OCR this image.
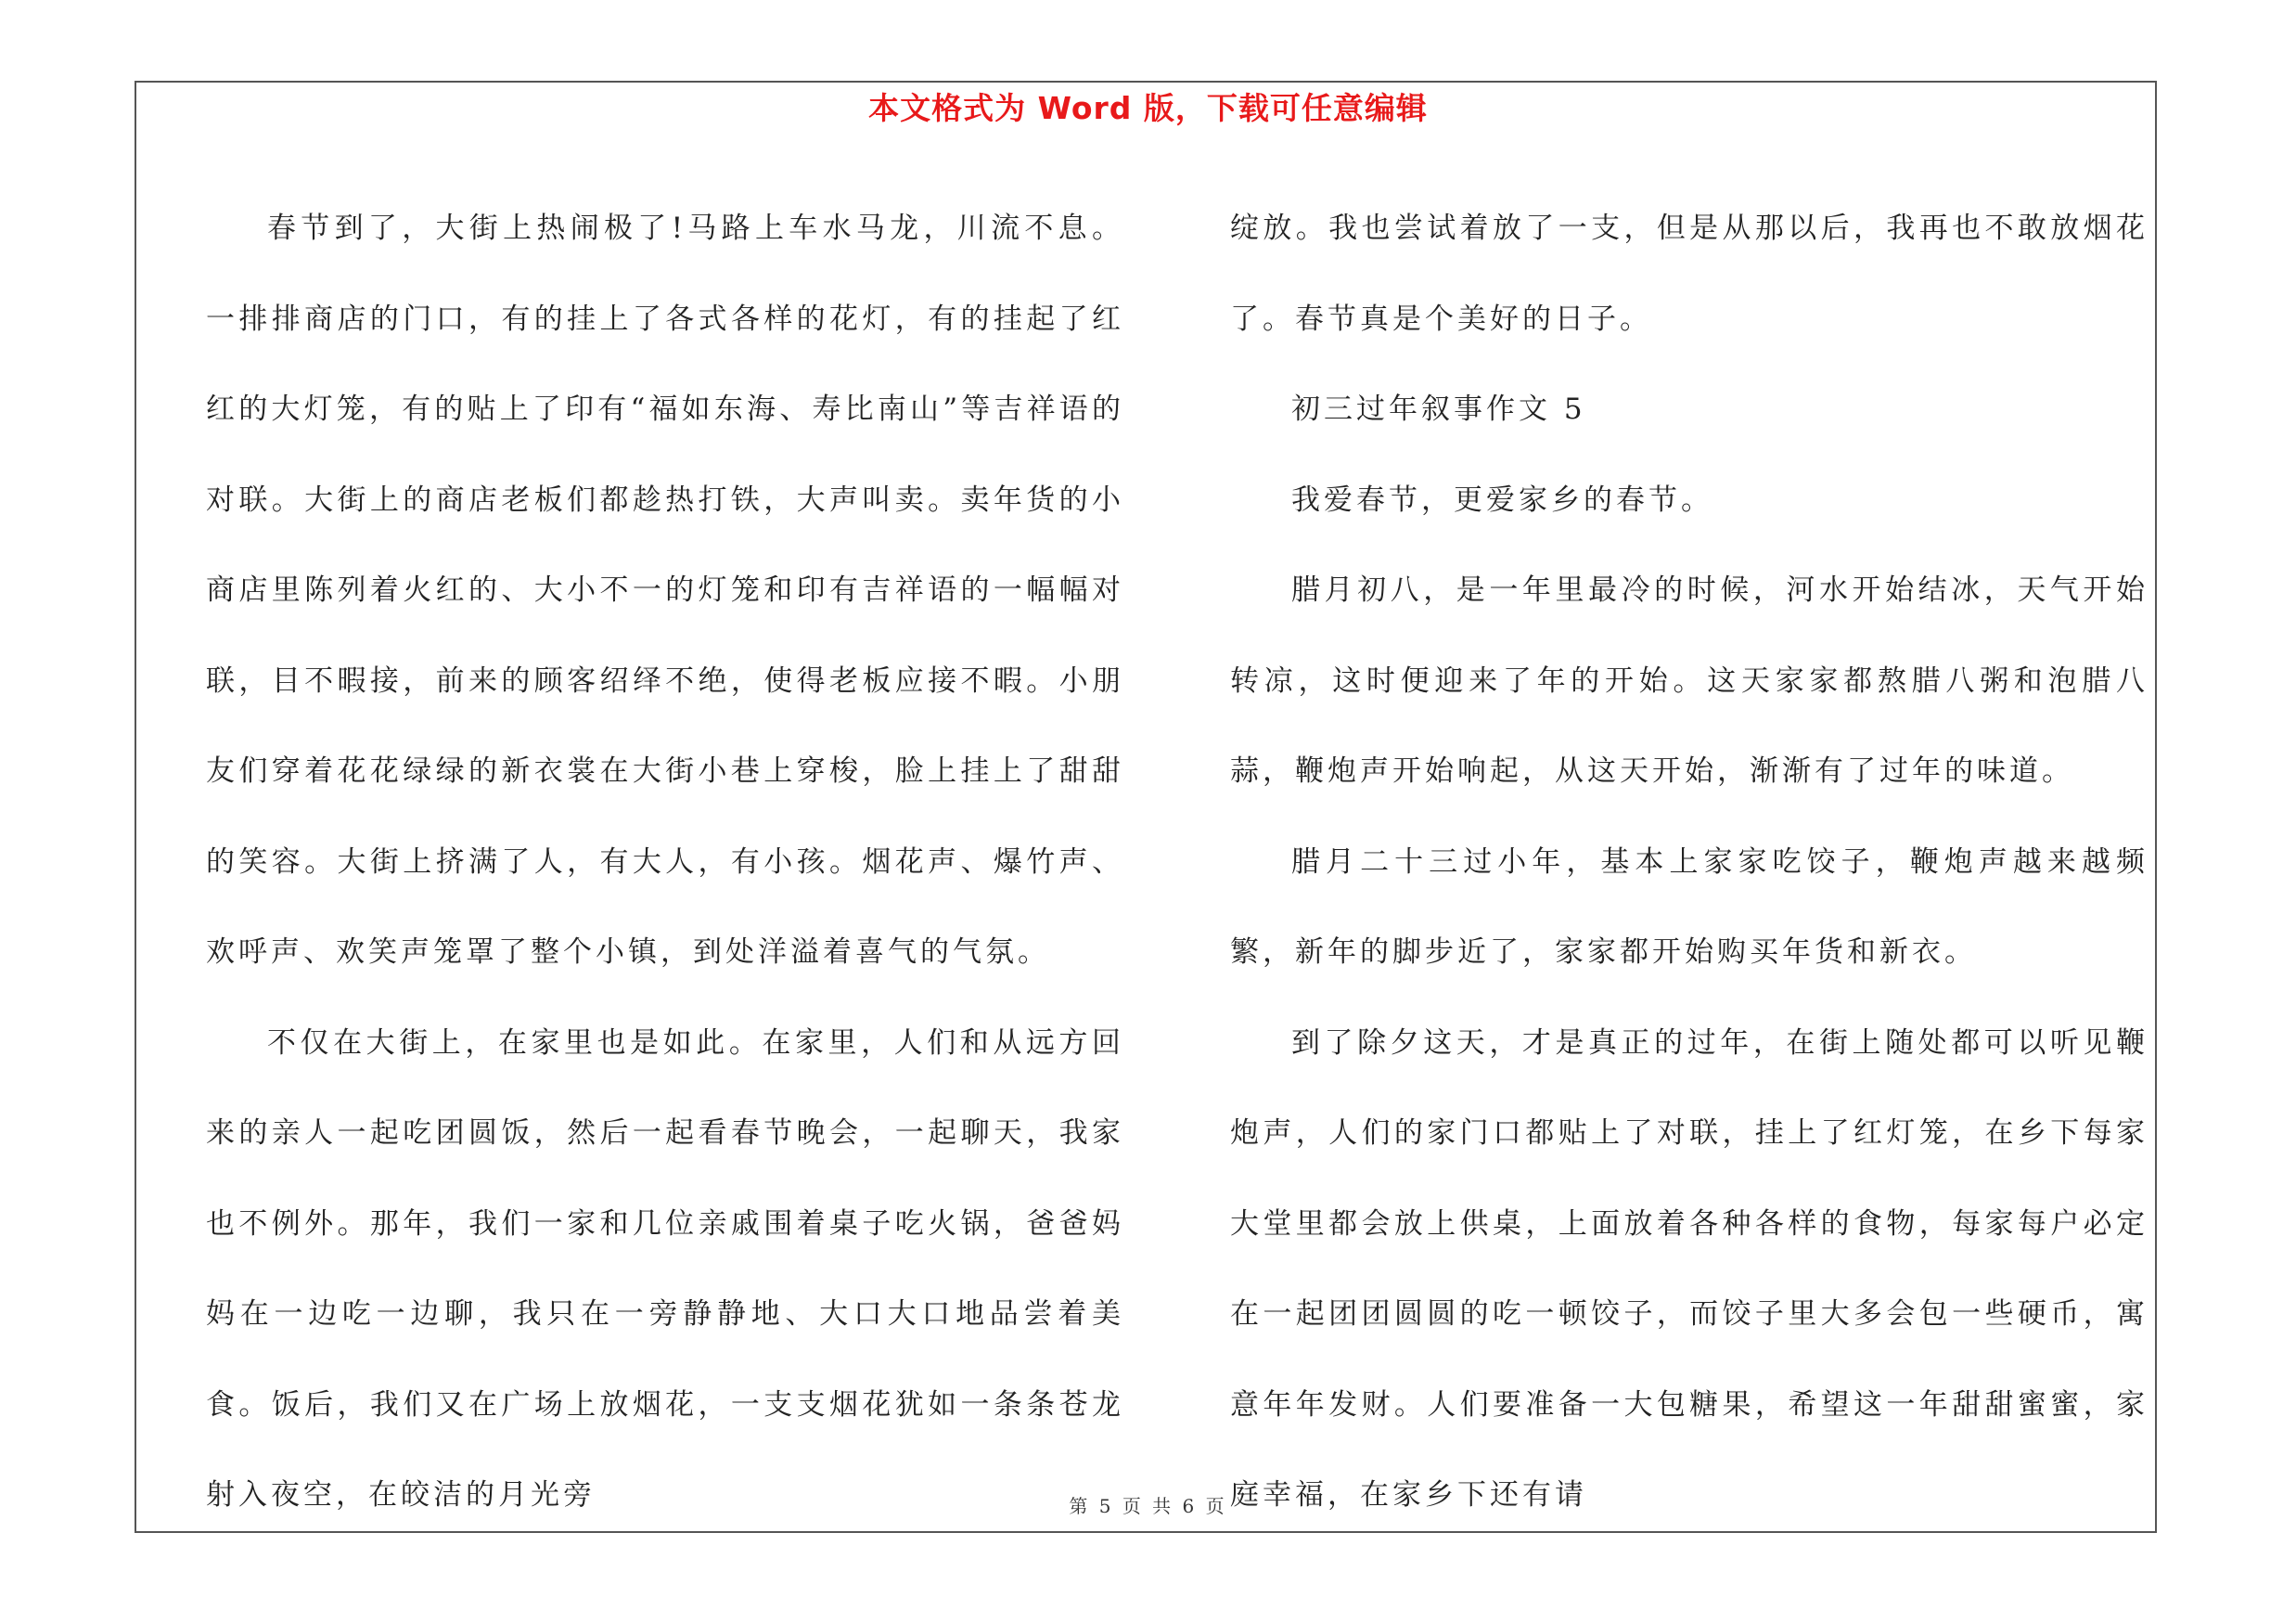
本文格式为 Word 版，下载可任意编辑

春节到了，大街上热闹极了!马路上车水马龙，川流不息。一排排商店的门口，有的挂上了各式各样的花灯，有的挂起了红红的大灯笼，有的贴上了印有“福如东海、寿比南山”等吉祥语的对联。大街上的商店老板们都趁热打铁，大声叫卖。卖年货的小商店里陈列着火红的、大小不一的灯笼和印有吉祥语的一幅幅对联，目不暇接，前来的顾客绍绎不绝，使得老板应接不暇。小朋友们穿着花花绿绿的新衣裳在大街小巷上穿梭，脸上挂上了甜甜的笑容。大街上挤满了人，有大人，有小孩。烟花声、爆竹声、欢呼声、欢笑声笼罩了整个小镇，到处洋溢着喜气的气氛。

不仅在大街上，在家里也是如此。在家里，人们和从远方回来的亲人一起吃团圆饭，然后一起看春节晚会，一起聊天，我家也不例外。那年，我们一家和几位亲戚围着桌子吃火锅，爸爸妈妈在一边吃一边聊，我只在一旁静静地、大口大口地品尝着美食。饭后，我们又在广场上放烟花，一支支烟花犹如一条条苍龙射入夜空，在皎洁的月光旁

绽放。我也尝试着放了一支，但是从那以后，我再也不敢放烟花了。春节真是个美好的日子。

初三过年叙事作文 5

我爱春节，更爱家乡的春节。

腊月初八，是一年里最冷的时候，河水开始结冰，天气开始转凉，这时便迎来了年的开始。这天家家都熬腊八粥和泡腊八蒜，鞭炮声开始响起，从这天开始，渐渐有了过年的味道。

腊月二十三过小年，基本上家家吃饺子，鞭炮声越来越频繁，新年的脚步近了，家家都开始购买年货和新衣。

到了除夕这天，才是真正的过年，在街上随处都可以听见鞭炮声，人们的家门口都贴上了对联，挂上了红灯笼，在乡下每家大堂里都会放上供桌，上面放着各种各样的食物，每家每户必定在一起团团圆圆的吃一顿饺子，而饺子里大多会包一些硬币，寓意年年发财。人们要准备一大包糖果，希望这一年甜甜蜜蜜，家庭幸福，在家乡下还有请

第 5 页 共 6 页
